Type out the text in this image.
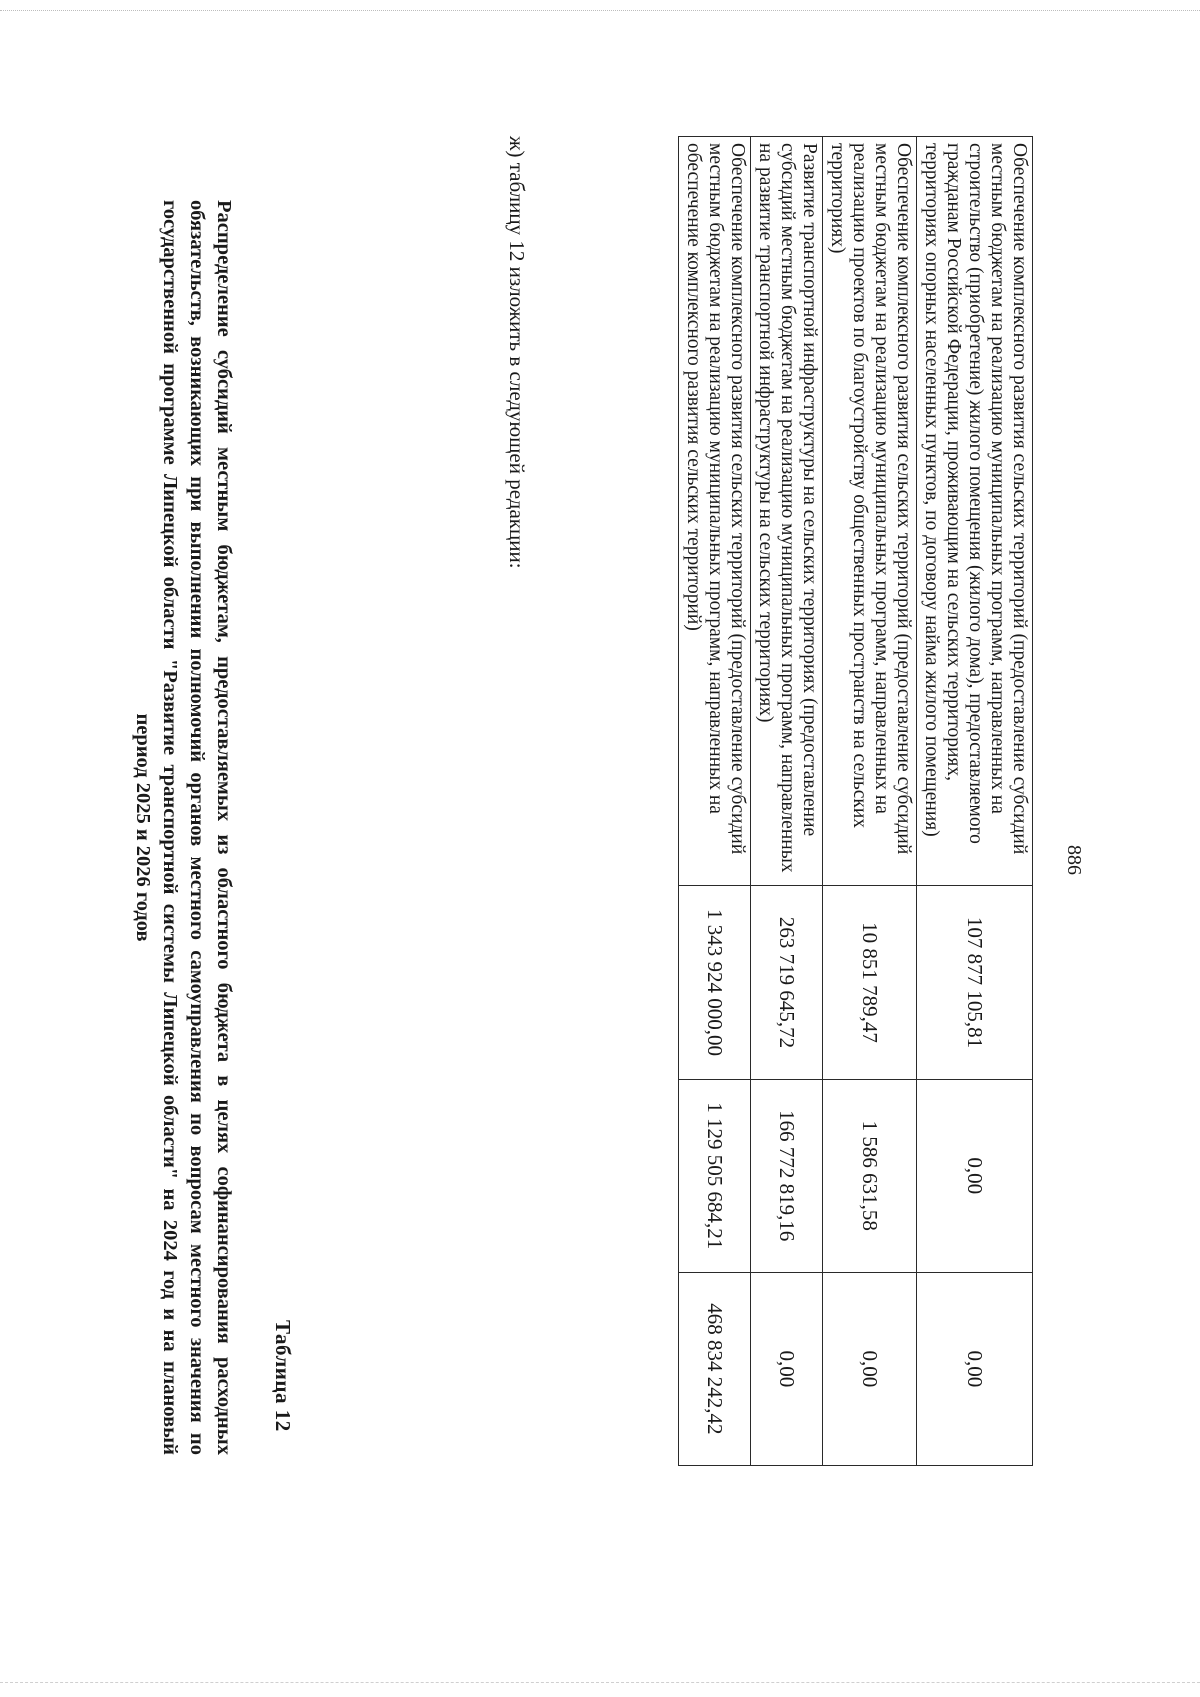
886
Обеспечение комплексного развития сельских территорий (предоставление субсидий местным бюджетам на реализацию муниципальных программ, направленных на строительство (приобретение) жилого помещения (жилого дома), предоставляемого гражданам Российской Федерации, проживающим на сельских территориях, территориях опорных населенных пунктов, по договору найма жилого помещения)	107 877 105,81	0,00	0,00
Обеспечение комплексного развития сельских территорий (предоставление субсидий местным бюджетам на реализацию муниципальных программ, направленных на реализацию проектов по благоустройству общественных пространств на сельских территориях)	10 851 789,47	1 586 631,58	0,00
Развитие транспортной инфраструктуры на сельских территориях (предоставление субсидий местным бюджетам на реализацию муниципальных программ, направленных на развитие транспортной инфраструктуры на сельских территориях)	263 719 645,72	166 772 819,16	0,00
Обеспечение комплексного развития сельских территорий (предоставление субсидий местным бюджетам на реализацию муниципальных программ, направленных на обеспечение комплексного развития сельских территорий)	1 343 924 000,00	1 129 505 684,21	468 834 242,42
ж) таблицу 12 изложить в следующей редакции:
Таблица 12
Распределение субсидий местным бюджетам, предоставляемых из областного бюджета в целях софинансирования расходных обязательств, возникающих при выполнении полномочий органов местного самоуправления по вопросам местного значения по государственной программе Липецкой области "Развитие транспортной системы Липецкой области" на 2024 год и на плановый период 2025 и 2026 годов
